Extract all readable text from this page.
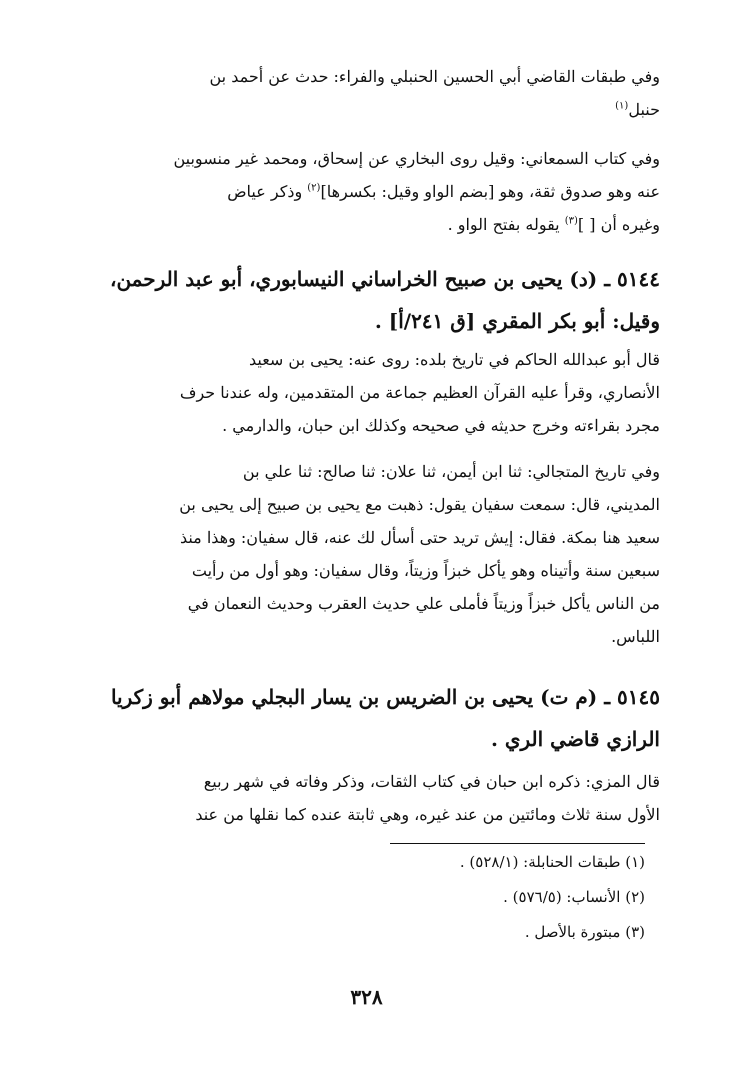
وفي طبقات القاضي أبي الحسين الحنبلي والفراء: حدث عن أحمد بن
حنبل$^{(١)}$
وفي كتاب السمعاني: وقيل روى البخاري عن إسحاق، ومحمد غير منسوبين
عنه وهو صدوق ثقة، وهو [بضم الواو وقيل: بكسرها]$^{(٢)}$ وذكر عياض
وغيره أن [ ]$^{(٣)}$ يقوله بفتح الواو .
٥١٤٤ ـ (د) يحيى بن صبيح الخراساني النيسابوري، أبو عبد الرحمن،
وقيل: أبو بكر المقري [ق ٢٤١/أ] .
قال أبو عبدالله الحاكم في تاريخ بلده: روى عنه: يحيى بن سعيد
الأنصاري، وقرأ عليه القرآن العظيم جماعة من المتقدمين، وله عندنا حرف
مجرد بقراءته وخرج حديثه في صحيحه وكذلك ابن حبان، والدارمي .
وفي تاريخ المتجالي: ثنا ابن أيمن، ثنا علان: ثنا صالح: ثنا علي بن
المديني، قال: سمعت سفيان يقول: ذهبت مع يحيى بن صبيح إلى يحيى بن
سعيد هنا بمكة. فقال: إيش تريد حتى أسأل لك عنه، قال سفيان: وهذا منذ
سبعين سنة وأتيناه وهو يأكل خبزاً وزيتاً، وقال سفيان: وهو أول من رأيت
من الناس يأكل خبزاً وزيتاً فأملى علي حديث العقرب وحديث النعمان في
اللباس.
٥١٤٥ ـ (م ت) يحيى بن الضريس بن يسار البجلي مولاهم أبو زكريا
الرازي قاضي الري .
قال المزي: ذكره ابن حبان في كتاب الثقات، وذكر وفاته في شهر ربيع
الأول سنة ثلاث ومائتين من عند غيره، وهي ثابتة عنده كما نقلها من عند
(١) طبقات الحنابلة: (٥٢٨/١) .
(٢) الأنساب: (٥٧٦/٥) .
(٣) مبتورة بالأصل .
٣٢٨
